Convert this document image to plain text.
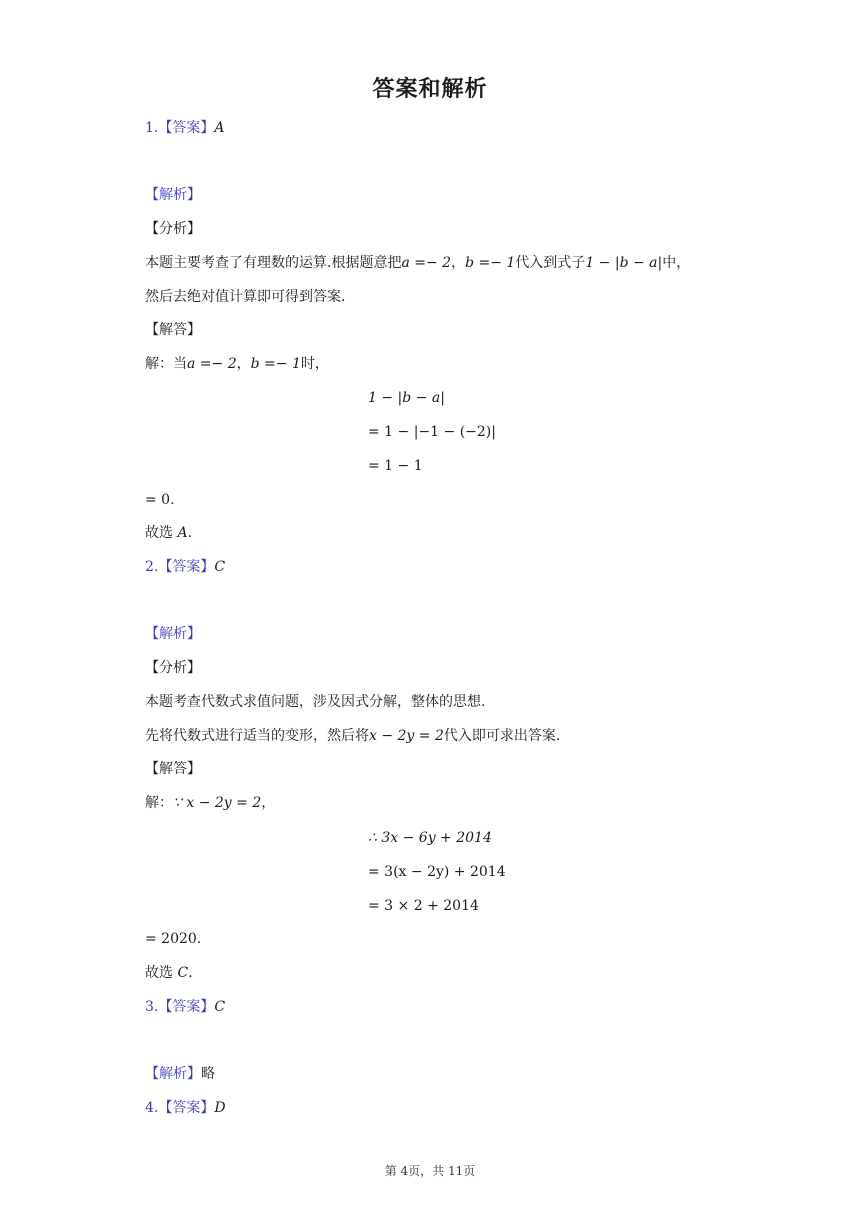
答案和解析
1.【答案】A
【解析】
【分析】
本题主要考查了有理数的运算.根据题意把a =− 2，b =− 1代入到式子1 − |b − a|中，
然后去绝对值计算即可得到答案.
【解答】
解：当a =− 2，b =− 1时，
1 − |b − a|
= 1 − |−1 − (−2)|
= 1 − 1
= 0.
故选 A.
2.【答案】C
【解析】
【分析】
本题考查代数式求值问题，涉及因式分解，整体的思想.
先将代数式进行适当的变形，然后将x − 2y = 2代入即可求出答案.
【解答】
解：∵ x − 2y = 2，
∴ 3x − 6y + 2014
= 3(x − 2y) + 2014
= 3 × 2 + 2014
= 2020.
故选 C.
3.【答案】C
【解析】略
4.【答案】D
第 4页，共 11页
